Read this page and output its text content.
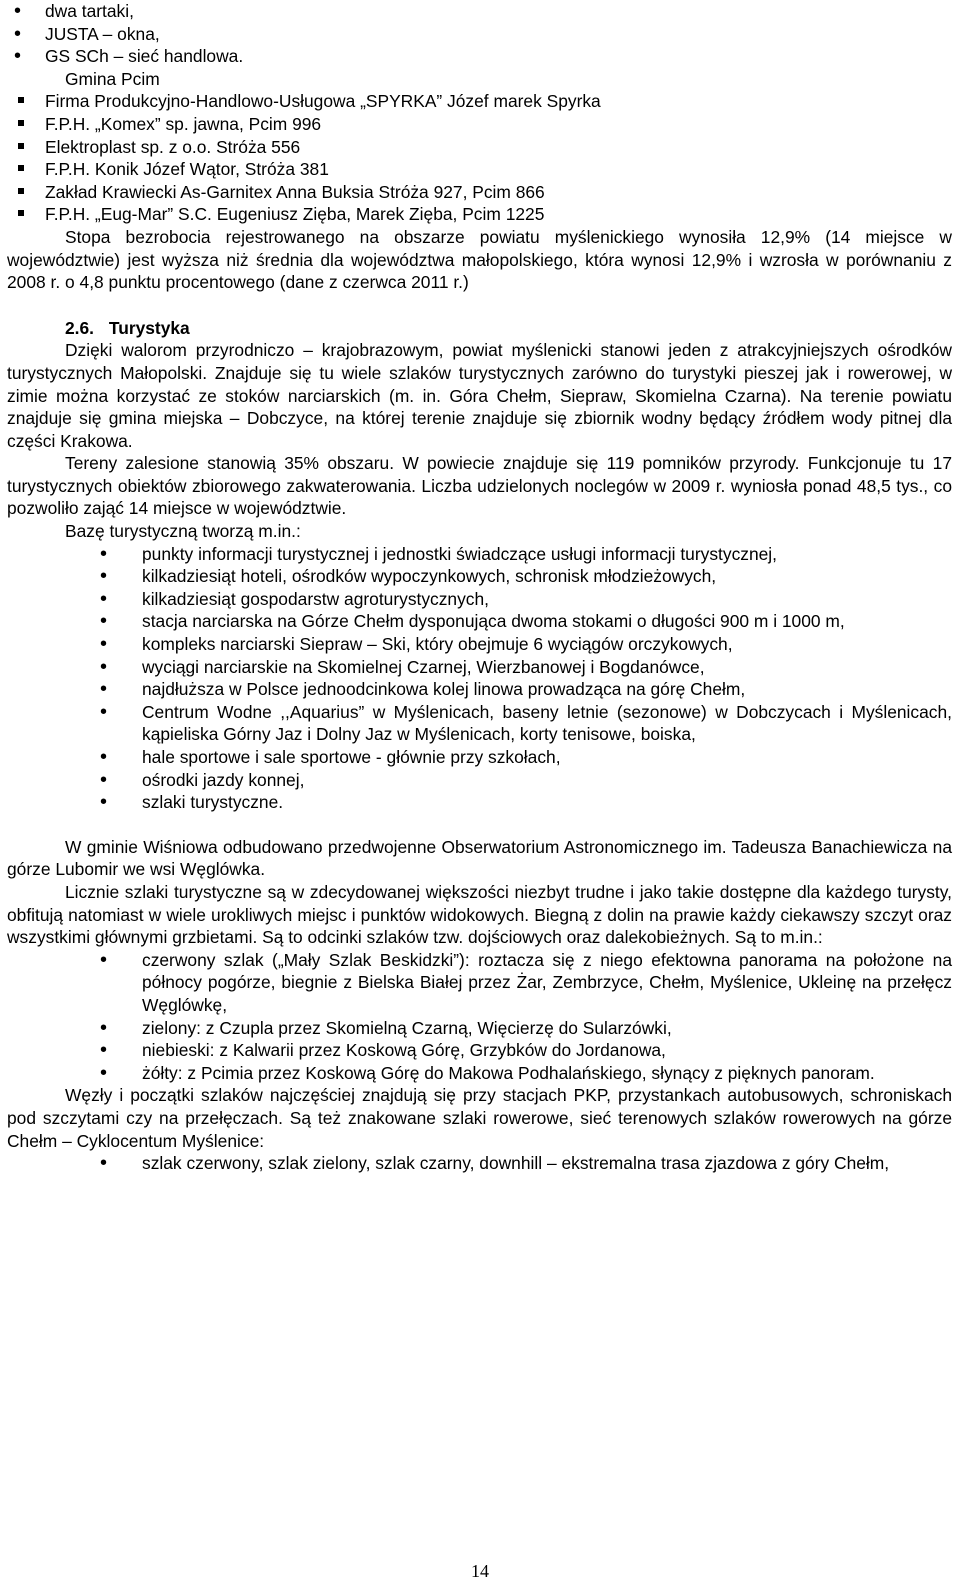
• dwa tartaki,
• JUSTA – okna,
• GS SCh – sieć handlowa.
Gmina Pcim
Firma Produkcyjno-Handlowo-Usługowa „SPYRKA” Józef marek Spyrka
F.P.H. „Komex” sp. jawna, Pcim 996
Elektroplast sp. z o.o. Stróża 556
F.P.H. Konik Józef Wątor, Stróża 381
Zakład Krawiecki As-Garnitex Anna Buksia Stróża 927, Pcim 866
F.P.H. „Eug-Mar” S.C. Eugeniusz Zięba, Marek Zięba, Pcim 1225
Stopa bezrobocia rejestrowanego na obszarze powiatu myślenickiego wynosiła 12,9% (14 miejsce w województwie) jest wyższa niż średnia dla województwa małopolskiego, która wynosi 12,9% i wzrosła w porównaniu z 2008 r. o 4,8 punktu procentowego (dane z czerwca 2011 r.)
2.6. Turystyka
Dzięki walorom przyrodniczo – krajobrazowym, powiat myślenicki stanowi jeden z atrakcyjniejszych ośrodków turystycznych Małopolski. Znajduje się tu wiele szlaków turystycznych zarówno do turystyki pieszej jak i rowerowej, w zimie można korzystać ze stoków narciarskich (m. in. Góra Chełm, Siepraw, Skomielna Czarna). Na terenie powiatu znajduje się gmina miejska – Dobczyce, na której terenie znajduje się zbiornik wodny będący źródłem wody pitnej dla części Krakowa.
Tereny zalesione stanowią 35% obszaru. W powiecie znajduje się 119 pomników przyrody. Funkcjonuje tu 17 turystycznych obiektów zbiorowego zakwaterowania. Liczba udzielonych noclegów w 2009 r. wyniosła ponad 48,5 tys., co pozwoliło zająć 14 miejsce w województwie.
Bazę turystyczną tworzą m.in.:
• punkty informacji turystycznej i jednostki świadczące usługi informacji turystycznej,
• kilkadziesiąt hoteli, ośrodków wypoczynkowych, schronisk młodzieżowych,
• kilkadziesiąt gospodarstw agroturystycznych,
• stacja narciarska na Górze Chełm dysponująca dwoma stokami o długości 900 m i 1000 m,
• kompleks narciarski Siepraw – Ski, który obejmuje 6 wyciągów orczykowych,
• wyciągi narciarskie na Skomielnej Czarnej, Wierzbanowej i Bogdanówce,
• najdłuższa w Polsce jednoodcinkowa kolej linowa prowadząca na górę Chełm,
• Centrum Wodne ,,Aquarius” w Myślenicach, baseny letnie (sezonowe) w Dobczycach i Myślenicach, kąpieliska Górny Jaz i Dolny Jaz w Myślenicach, korty tenisowe, boiska,
• hale sportowe i sale sportowe - głównie przy szkołach,
• ośrodki jazdy konnej,
• szlaki turystyczne.
W gminie Wiśniowa odbudowano przedwojenne Obserwatorium Astronomicznego im. Tadeusza Banachiewicza na górze Lubomir we wsi Węglówka.
Licznie szlaki turystyczne są w zdecydowanej większości niezbyt trudne i jako takie dostępne dla każdego turysty, obfitują natomiast w wiele urokliwych miejsc i punktów widokowych. Biegną z dolin na prawie każdy ciekawszy szczyt oraz wszystkimi głównymi grzbietami. Są to odcinki szlaków tzw. dojściowych oraz dalekobieżnych. Są to m.in.:
• czerwony szlak („Mały Szlak Beskidzki”): roztacza się z niego efektowna panorama na położone na północy pogórze, biegnie z Bielska Białej przez Żar, Zembrzyce, Chełm, Myślenice, Ukleinę na przełęcz Węglówkę,
• zielony: z Czupla przez Skomielną Czarną, Więcierzę do Sularzówki,
• niebieski: z Kalwarii przez Koskową Górę, Grzybków do Jordanowa,
• żółty: z Pcimia przez Koskową Górę do Makowa Podhalańskiego, słynący z pięknych panoram.
Węzły i początki szlaków najczęściej znajdują się przy stacjach PKP, przystankach autobusowych, schroniskach pod szczytami czy na przełęczach. Są też znakowane szlaki rowerowe, sieć terenowych szlaków rowerowych na górze Chełm – Cyklocentum Myślenice:
• szlak czerwony, szlak zielony, szlak czarny, downhill – ekstremalna trasa zjazdowa z góry Chełm,
14
